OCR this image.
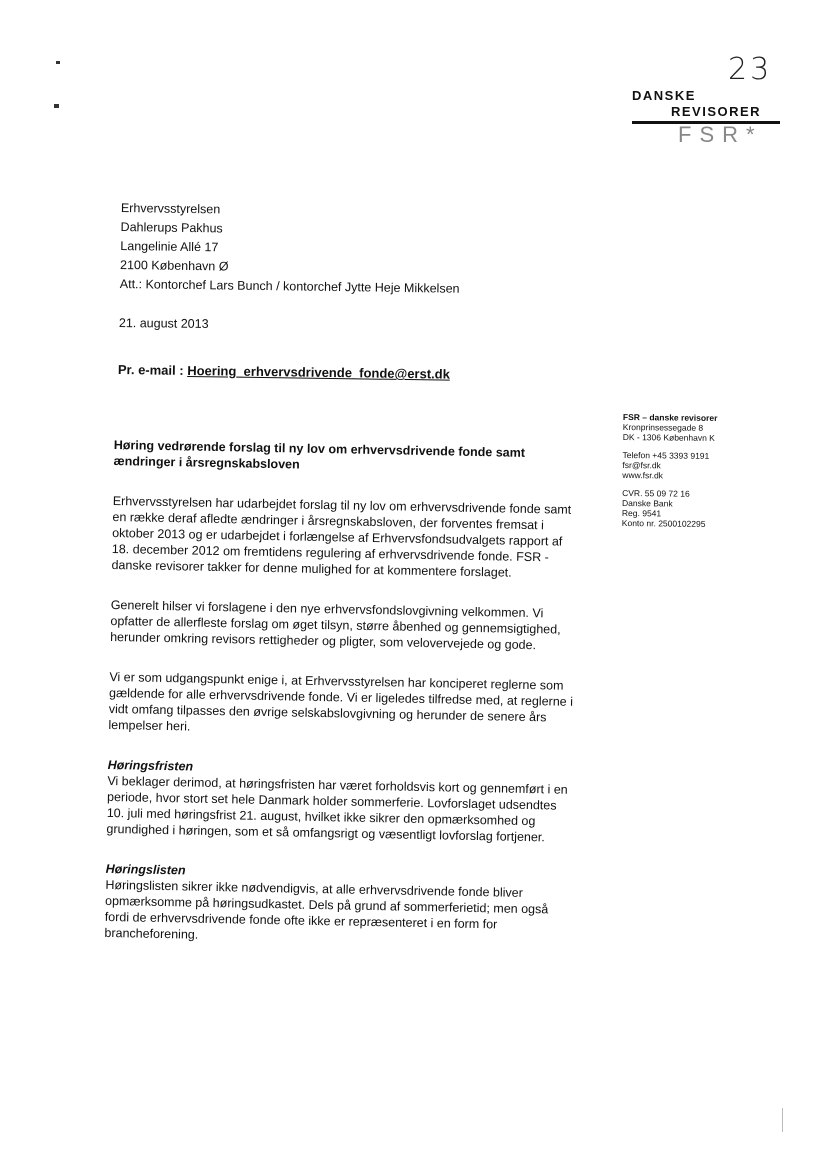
23
DANSKE
REVISORER
FSR*
Erhvervsstyrelsen
Dahlerups Pakhus
Langelinie Allé 17
2100 København Ø
Att.: Kontorchef Lars Bunch / kontorchef Jytte Heje Mikkelsen
21. august 2013
Pr. e-mail : Hoering_erhvervsdrivende_fonde@erst.dk
FSR – danske revisorer
Kronprinsessegade 8
DK - 1306 København K
Telefon +45 3393 9191
fsr@fsr.dk
www.fsr.dk
CVR. 55 09 72 16
Danske Bank
Reg. 9541
Konto nr. 2500102295
Høring vedrørende forslag til ny lov om erhvervsdrivende fonde samt ændringer i årsregnskabsloven

Erhvervsstyrelsen har udarbejdet forslag til ny lov om erhvervsdrivende fonde samt en række deraf afledte ændringer i årsregnskabsloven, der forventes fremsat i oktober 2013 og er udarbejdet i forlængelse af Erhvervsfondsudvalgets rapport af 18. december 2012 om fremtidens regulering af erhvervsdrivende fonde. FSR - danske revisorer takker for denne mulighed for at kommentere forslaget.

Generelt hilser vi forslagene i den nye erhvervsfondslovgivning velkommen. Vi opfatter de allerfleste forslag om øget tilsyn, større åbenhed og gennemsigtighed, herunder omkring revisors rettigheder og pligter, som velovervejede og gode.

Vi er som udgangspunkt enige i, at Erhvervsstyrelsen har konciperet reglerne som gældende for alle erhvervsdrivende fonde. Vi er ligeledes tilfredse med, at reglerne i vidt omfang tilpasses den øvrige selskabslovgivning og herunder de senere års lempelser heri.

Høringsfristen

Vi beklager derimod, at høringsfristen har været forholdsvis kort og gennemført i en periode, hvor stort set hele Danmark holder sommerferie. Lovforslaget udsendtes 10. juli med høringsfrist 21. august, hvilket ikke sikrer den opmærksomhed og grundighed i høringen, som et så omfangsrigt og væsentligt lovforslag fortjener.

Høringslisten

Høringslisten sikrer ikke nødvendigvis, at alle erhvervsdrivende fonde bliver opmærksomme på høringsudkastet. Dels på grund af sommerferietid; men også fordi de erhvervsdrivende fonde ofte ikke er repræsenteret i en form for brancheforening.
